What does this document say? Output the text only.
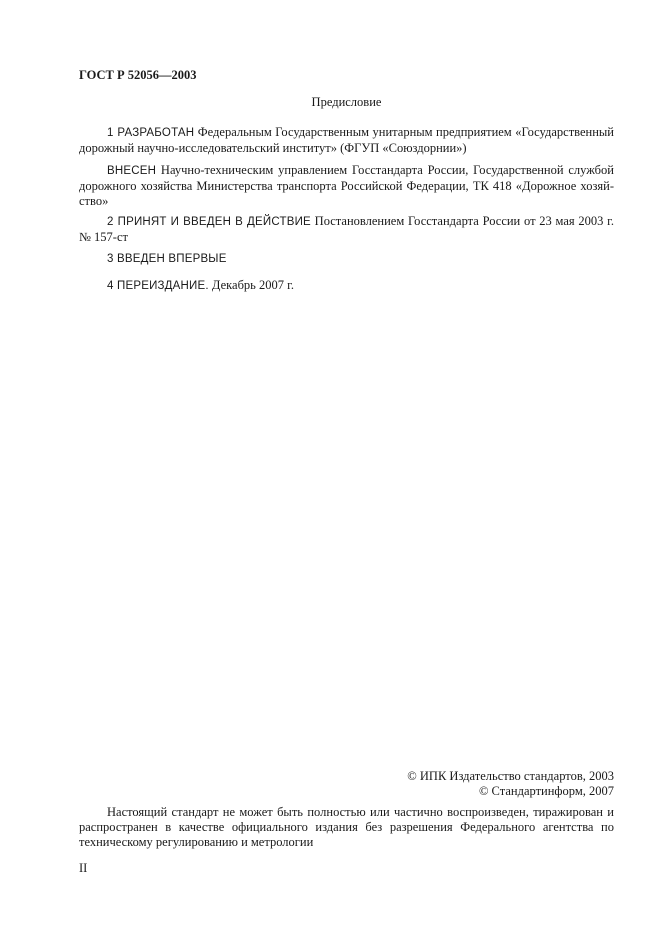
ГОСТ Р 52056—2003
Предисловие
1 РАЗРАБОТАН Федеральным Государственным унитарным предприятием «Государственный дорожный научно-исследовательский институт» (ФГУП «Союздорнии»)
ВНЕСЕН Научно-техническим управлением Госстандарта России, Государственной службой дорожного хозяйства Министерства транспорта Российской Федерации, ТК 418 «Дорожное хозяй-ство»
2 ПРИНЯТ И ВВЕДЕН В ДЕЙСТВИЕ Постановлением Госстандарта России от 23 мая 2003 г. № 157-ст
3 ВВЕДЕН ВПЕРВЫЕ
4 ПЕРЕИЗДАНИЕ. Декабрь 2007 г.
© ИПК Издательство стандартов, 2003
© Стандартинформ, 2007
Настоящий стандарт не может быть полностью или частично воспроизведен, тиражирован и распространен в качестве официального издания без разрешения Федерального агентства по техническому регулированию и метрологии
II
